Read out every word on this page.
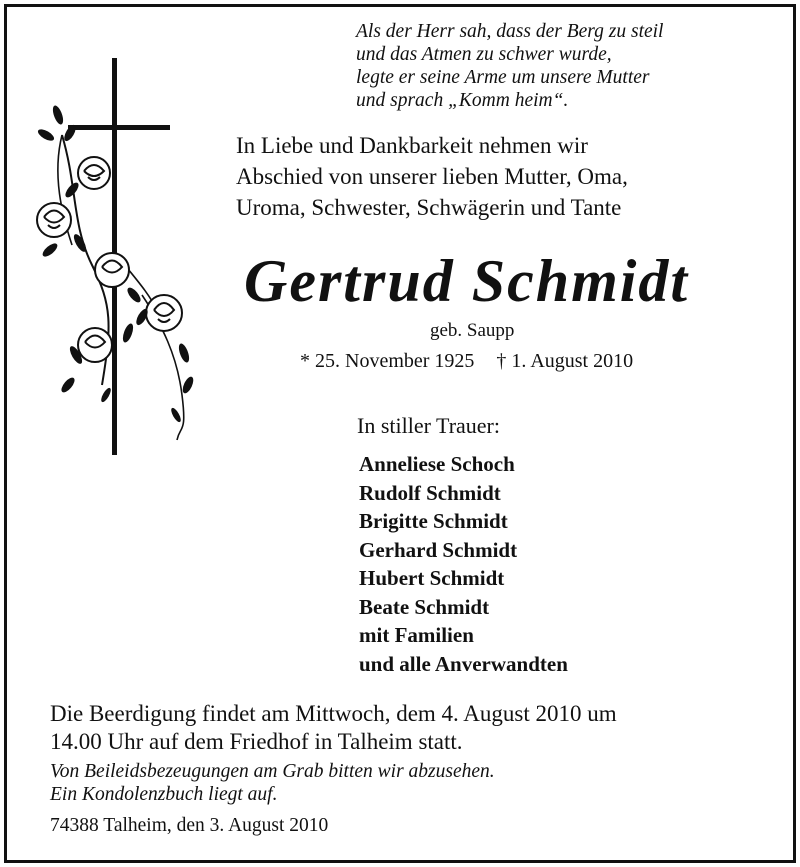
Als der Herr sah, dass der Berg zu steil
und das Atmen zu schwer wurde,
legte er seine Arme um unsere Mutter
und sprach „Komm heim“.
In Liebe und Dankbarkeit nehmen wir
Abschied von unserer lieben Mutter, Oma,
Uroma, Schwester, Schwägerin und Tante
Gertrud Schmidt
geb. Saupp
* 25. November 1925 † 1. August 2010
In stiller Trauer:
Anneliese Schoch
Rudolf Schmidt
Brigitte Schmidt
Gerhard Schmidt
Hubert Schmidt
Beate Schmidt
mit Familien
und alle Anverwandten
Die Beerdigung findet am Mittwoch, dem 4. August 2010 um
14.00 Uhr auf dem Friedhof in Talheim statt.
Von Beileidsbezeugungen am Grab bitten wir abzusehen.
Ein Kondolenzbuch liegt auf.
74388 Talheim, den 3. August 2010
